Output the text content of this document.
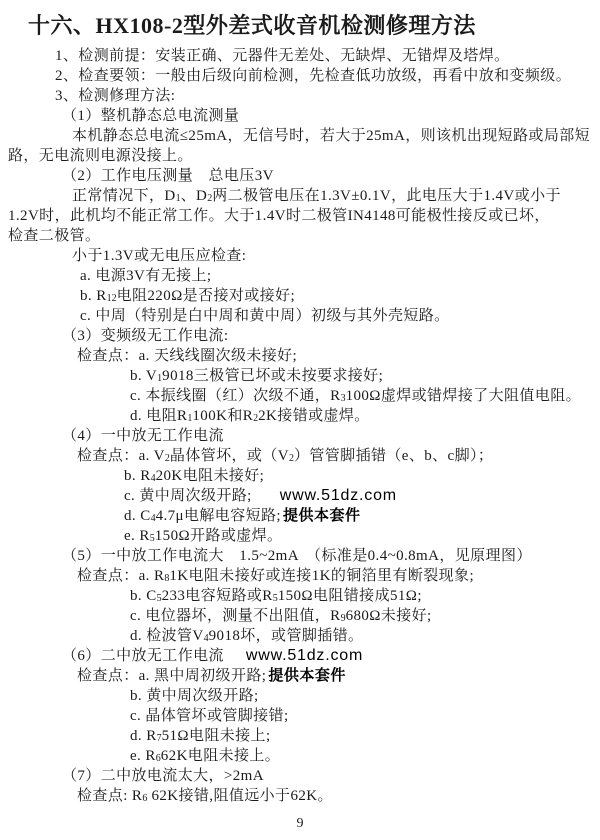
十六、HX108-2型外差式收音机检测修理方法
1、检测前提：安装正确、元器件无差处、无缺焊、无错焊及塔焊。
2、检查要领：一般由后级向前检测，先检查低功放级，再看中放和变频级。
3、检测修理方法:
（1）整机静态总电流测量
本机静态总电流≤25mA，无信号时，若大于25mA，则该机出现短路或局部短
路，无电流则电源没接上。
（2）工作电压测量　总电压3V
正常情况下，D1、D2两二极管电压在1.3V±0.1V，此电压大于1.4V或小于
1.2V时，此机均不能正常工作。大于1.4V时二极管IN4148可能极性接反或已坏，
检查二极管。
小于1.3V或无电压应检查:
a. 电源3V有无接上;
b. R12电阻220Ω是否接对或接好;
c. 中周（特别是白中周和黄中周）初级与其外壳短路。
（3）变频级无工作电流:
检查点：a. 天线线圈次级未接好;
b. V19018三极管已坏或未按要求接好;
c. 本振线圈（红）次级不通，R3100Ω虚焊或错焊接了大阻值电阻。
d. 电阻R1100K和R22K接错或虚焊。
（4）一中放无工作电流
检查点：a. V2晶体管坏，或（V2）管管脚插错（e、b、c脚）；
b. R420K电阻未接好;
c. 黄中周次级开路; www.51dz.com
d. C44.7μ电解电容短路; 提供本套件
e. R5150Ω开路或虚焊。
（5）一中放工作电流大　1.5~2mA　（标准是0.4~0.8mA，见原理图）
检查点：a. R81K电阻未接好或连接1K的铜箔里有断裂现象;
b. C5233电容短路或R5150Ω电阻错接成51Ω;
c. 电位器坏，测量不出阻值，R9680Ω未接好;
d. 检波管V49018坏，或管脚插错。
（6）二中放无工作电流 www.51dz.com
检查点：a. 黑中周初级开路; 提供本套件
b. 黄中周次级开路;
c. 晶体管坏或管脚接错;
d. R751Ω电阻未接上;
e. R662K电阻未接上。
（7）二中放电流太大，>2mA
检查点: R6 62K接错,阻值远小于62K。
9
